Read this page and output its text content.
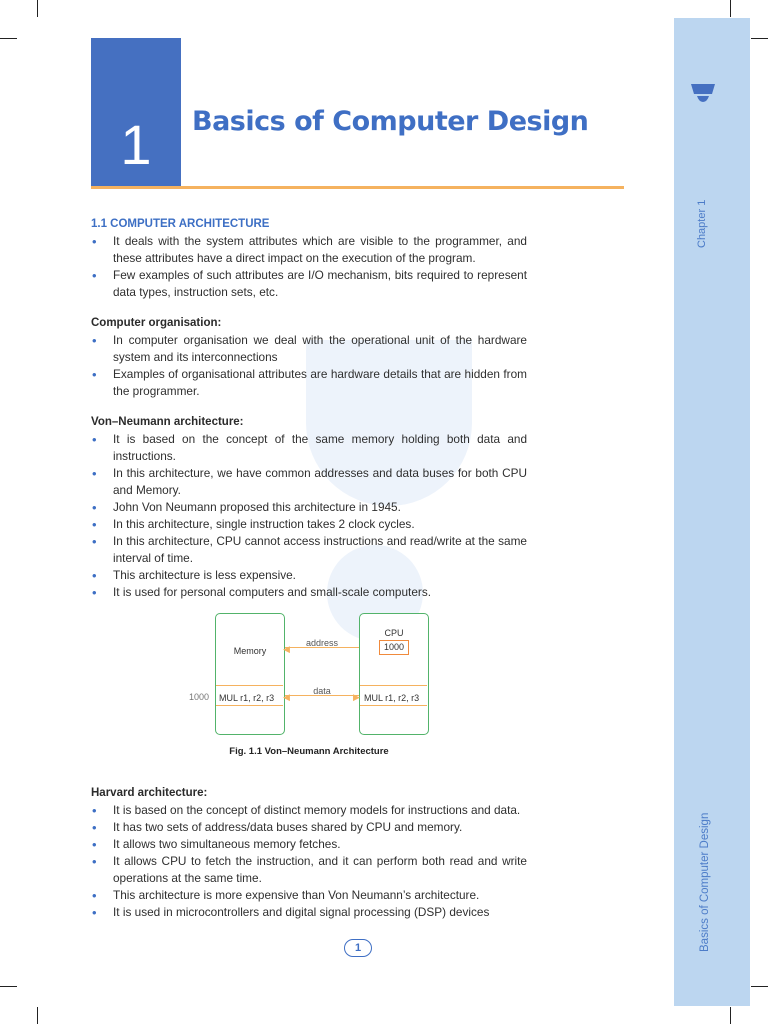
Chapter 1
Basics of Computer Design
1	Basics of Computer Design

1.1 COMPUTER ARCHITECTURE

• It deals with the system attributes which are visible to the programmer, and these attributes have a direct impact on the execution of the program.
• Few examples of such attributes are I/O mechanism, bits required to represent data types, instruction sets, etc.

Computer organisation:

• In computer organisation we deal with the operational unit of the hardware system and its interconnections
• Examples of organisational attributes are hardware details that are hidden from the programmer.

Von–Neumann architecture:

• It is based on the concept of the same memory holding both data and instructions.
• In this architecture, we have common addresses and data buses for both CPU and Memory.
• John Von Neumann proposed this architecture in 1945.
• In this architecture, single instruction takes 2 clock cycles.
• In this architecture, CPU cannot access instructions and read/write at the same interval of time.
• This architecture is less expensive.
• It is used for personal computers and small-scale computers.
Memory
CPU
1000
◀
address
1000 MUL r1, r2, r3	MUL r1, r2, r3
◀	▶
data
Fig. 1.1 Von–Neumann Architecture

Harvard architecture:

• It is based on the concept of distinct memory models for instructions and data.
• It has two sets of address/data buses shared by CPU and memory.
• It allows two simultaneous memory fetches.
• It allows CPU to fetch the instruction, and it can perform both read and write operations at the same time.
• This architecture is more expensive than Von Neumann’s architecture.
• It is used in microcontrollers and digital signal processing (DSP) devices
1
